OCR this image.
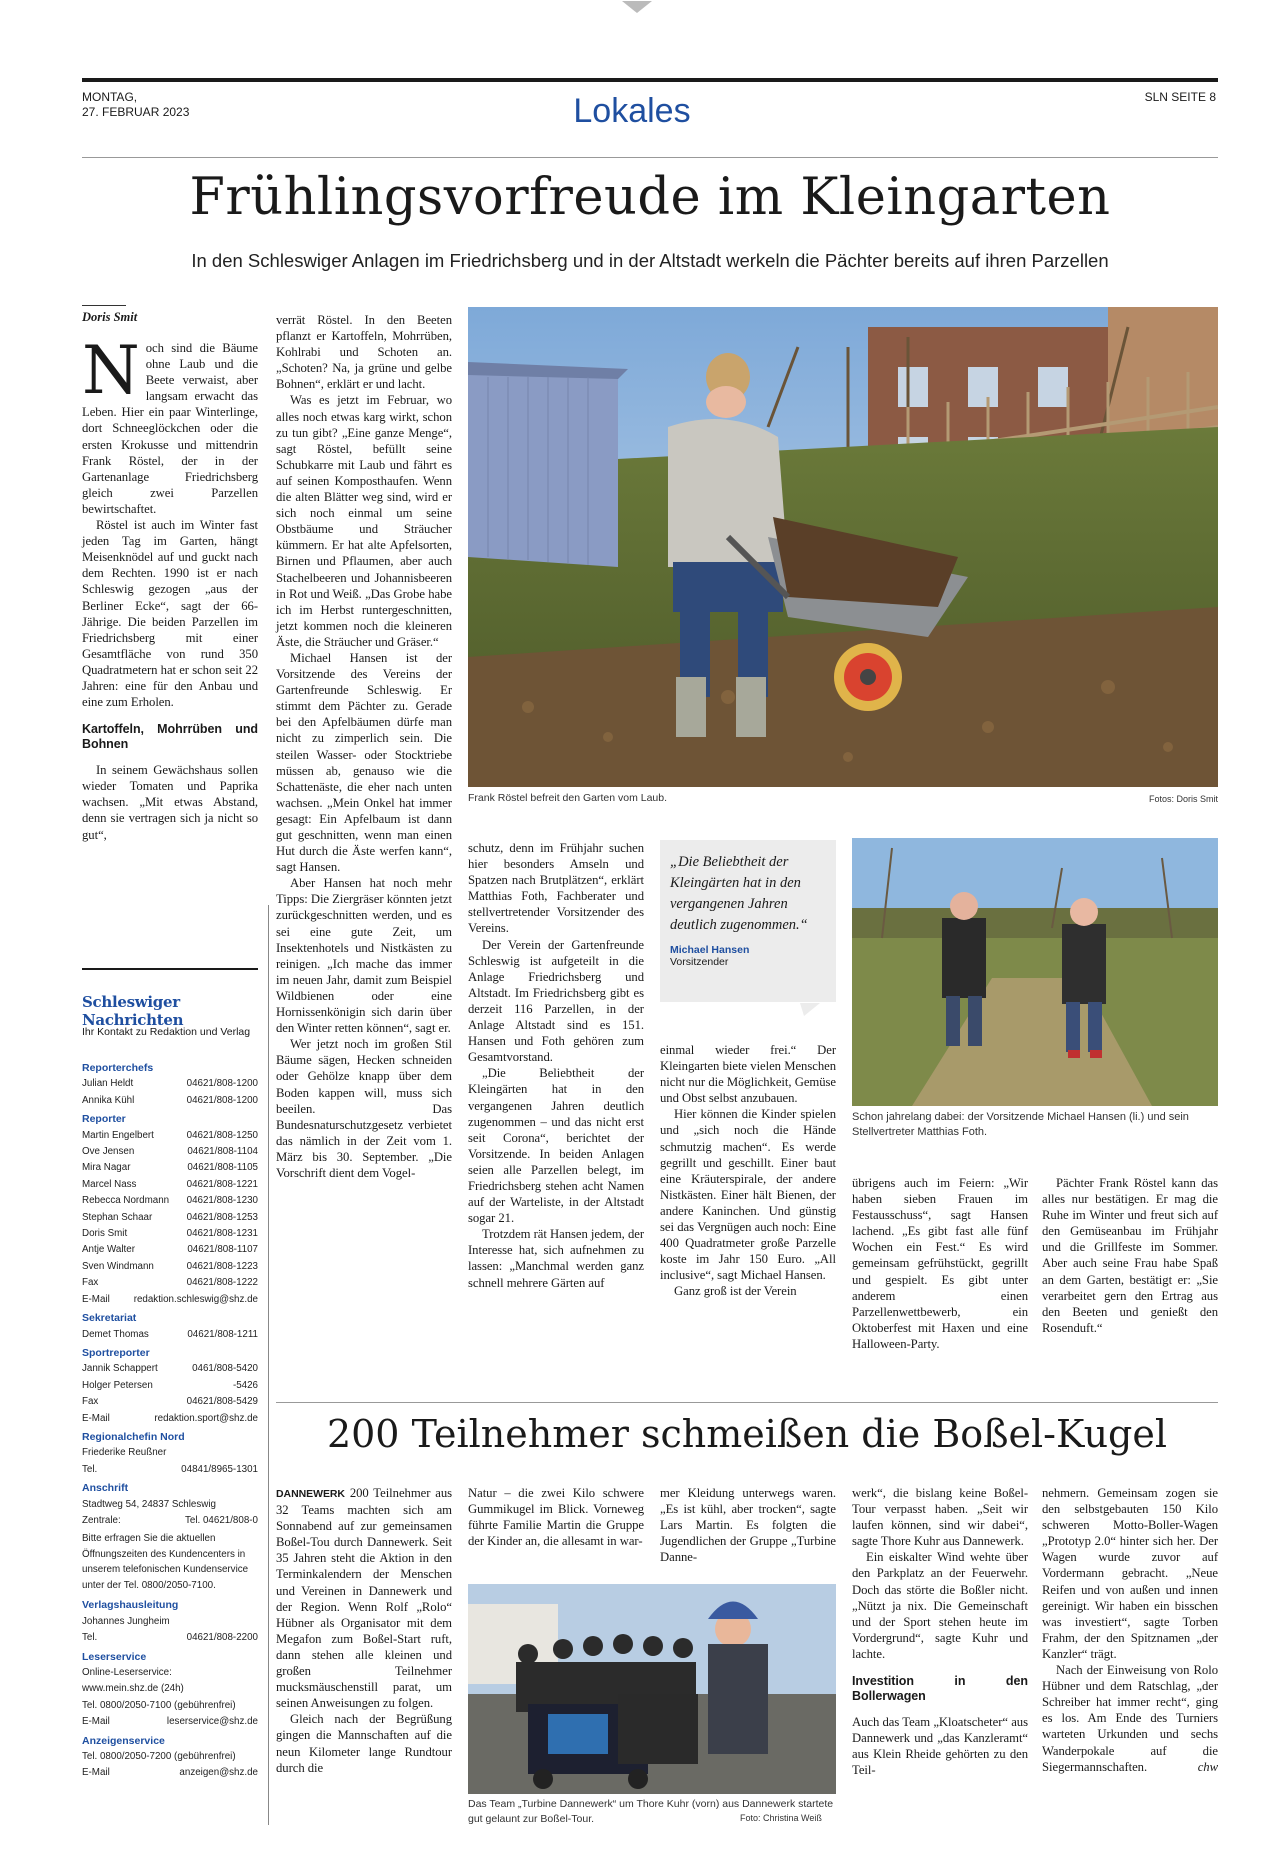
MONTAG,
27. FEBRUAR 2023	Lokales	SLN SEITE 8
Frühlingsvorfreude im Kleingarten
In den Schleswiger Anlagen im Friedrichsberg und in der Altstadt werkeln die Pächter bereits auf ihren Parzellen
Doris Smit

Noch sind die Bäume ohne Laub und die Beete verwaist, aber langsam erwacht das Leben. Hier ein paar Winterlinge, dort Schneeglöckchen oder die ersten Krokusse und mittendrin Frank Röstel, der in der Gartenanlage Friedrichsberg gleich zwei Parzellen bewirtschaftet.

Röstel ist auch im Winter fast jeden Tag im Garten, hängt Meisenknödel auf und guckt nach dem Rechten. 1990 ist er nach Schleswig gezogen „aus der Berliner Ecke“, sagt der 66-Jährige. Die beiden Parzellen im Friedrichsberg mit einer Gesamtfläche von rund 350 Quadratmetern hat er schon seit 22 Jahren: eine für den Anbau und eine zum Erholen.

Kartoffeln, Mohrrüben und Bohnen

In seinem Gewächshaus sollen wieder Tomaten und Paprika wachsen. „Mit etwas Abstand, denn sie vertragen sich ja nicht so gut“,

Schleswiger Nachrichten
Ihr Kontakt zu Redaktion und Verlag
Reporterchefs
Julian Heldt	04621/808-1200
Annika Kühl	04621/808-1200
Reporter
Martin Engelbert	04621/808-1250
Ove Jensen	04621/808-1104
Mira Nagar	04621/808-1105
Marcel Nass	04621/808-1221
Rebecca Nordmann 04621/808-1230
Stephan Schaar	04621/808-1253
Doris Smit	04621/808-1231
Antje Walter	04621/808-1107
Sven Windmann	04621/808-1223
Fax	04621/808-1222
E-Mail redaktion.schleswig@shz.de
Sekretariat
Demet Thomas	04621/808-1211
Sportreporter
Jannik Schappert	0461/808-5420
Holger Petersen	-5426
Fax	04621/808-5429
E-Mail	redaktion.sport@shz.de
Regionalchefin Nord
Friederike Reußner
Tel.	04841/8965-1301
Anschrift
Stadtweg 54, 24837 Schleswig
Zentrale:	Tel. 04621/808-0
Bitte erfragen Sie die aktuellen Öffnungszeiten des Kundencenters in unserem telefonischen Kundenservice unter der Tel. 0800/2050-7100.
Verlagshausleitung
Johannes Jungheim
Tel.	04621/808-2200
Leserservice
Online-Leserservice:
www.mein.shz.de (24h)
Tel. 0800/2050-7100 (gebührenfrei)
E-Mail	leserservice@shz.de
Anzeigenservice
Tel. 0800/2050-7200 (gebührenfrei)
E-Mail	anzeigen@shz.de

verrät Röstel. In den Beeten pflanzt er Kartoffeln, Mohrrüben, Kohlrabi und Schoten an. „Schoten? Na, ja grüne und gelbe Bohnen“, erklärt er und lacht.

Was es jetzt im Februar, wo alles noch etwas karg wirkt, schon zu tun gibt? „Eine ganze Menge“, sagt Röstel, befüllt seine Schubkarre mit Laub und fährt es auf seinen Komposthaufen. Wenn die alten Blätter weg sind, wird er sich noch einmal um seine Obstbäume und Sträucher kümmern. Er hat alte Apfelsorten, Birnen und Pflaumen, aber auch Stachelbeeren und Johannisbeeren in Rot und Weiß. „Das Grobe habe ich im Herbst runtergeschnitten, jetzt kommen noch die kleineren Äste, die Sträucher und Gräser.“

Michael Hansen ist der Vorsitzende des Vereins der Gartenfreunde Schleswig. Er stimmt dem Pächter zu. Gerade bei den Apfelbäumen dürfe man nicht zu zimperlich sein. Die steilen Wasser- oder Stocktriebe müssen ab, genauso wie die Schattenäste, die eher nach unten wachsen. „Mein Onkel hat immer gesagt: Ein Apfelbaum ist dann gut geschnitten, wenn man einen Hut durch die Äste werfen kann“, sagt Hansen.

Aber Hansen hat noch mehr Tipps: Die Ziergräser könnten jetzt zurückgeschnitten werden, und es sei eine gute Zeit, um Insektenhotels und Nistkästen zu reinigen. „Ich mache das immer im neuen Jahr, damit zum Beispiel Wildbienen oder eine Hornissenkönigin sich darin über den Winter retten können“, sagt er.

Wer jetzt noch im großen Stil Bäume sägen, Hecken schneiden oder Gehölze knapp über dem Boden kappen will, muss sich beeilen. Das Bundesnaturschutzgesetz verbietet das nämlich in der Zeit vom 1. März bis 30. September. „Die Vorschrift dient dem Vogel-

Frank Röstel befreit den Garten vom Laub.	Fotos: Doris Smit

schutz, denn im Frühjahr suchen hier besonders Amseln und Spatzen nach Brutplätzen“, erklärt Matthias Foth, Fachberater und stellvertretender Vorsitzender des Vereins.

Der Verein der Gartenfreunde Schleswig ist aufgeteilt in die Anlage Friedrichsberg und Altstadt. Im Friedrichsberg gibt es derzeit 116 Parzellen, in der Anlage Altstadt sind es 151. Hansen und Foth gehören zum Gesamtvorstand.

„Die Beliebtheit der Kleingärten hat in den vergangenen Jahren deutlich zugenommen – und das nicht erst seit Corona“, berichtet der Vorsitzende. In beiden Anlagen seien alle Parzellen belegt, im Friedrichsberg stehen acht Namen auf der Warteliste, in der Altstadt sogar 21.

Trotzdem rät Hansen jedem, der Interesse hat, sich aufnehmen zu lassen: „Manchmal werden ganz schnell mehrere Gärten auf

„Die Beliebtheit der Kleingärten hat in den vergangenen Jahren deutlich zugenommen.“
Michael Hansen
Vorsitzender

einmal wieder frei.“ Der Kleingarten biete vielen Menschen nicht nur die Möglichkeit, Gemüse und Obst selbst anzubauen.

Hier können die Kinder spielen und „sich noch die Hände schmutzig machen“. Es werde gegrillt und geschillt. Einer baut eine Kräuterspirale, der andere Nistkästen. Einer hält Bienen, der andere Kaninchen. Und günstig sei das Vergnügen auch noch: Eine 400 Quadratmeter große Parzelle koste im Jahr 150 Euro. „All inclusive“, sagt Michael Hansen.

Ganz groß ist der Verein

Schon jahrelang dabei: der Vorsitzende Michael Hansen (li.) und sein Stellvertreter Matthias Foth.

übrigens auch im Feiern: „Wir haben sieben Frauen im Festausschuss“, sagt Hansen lachend. „Es gibt fast alle fünf Wochen ein Fest.“ Es wird gemeinsam gefrühstückt, gegrillt und gespielt. Es gibt unter anderem einen Parzellenwettbewerb, ein Oktoberfest mit Haxen und eine Halloween-Party.

Pächter Frank Röstel kann das alles nur bestätigen. Er mag die Ruhe im Winter und freut sich auf den Gemüseanbau im Frühjahr und die Grillfeste im Sommer. Aber auch seine Frau habe Spaß an dem Garten, bestätigt er: „Sie verarbeitet gern den Ertrag aus den Beeten und genießt den Rosenduft.“

200 Teilnehmer schmeißen die Boßel-Kugel

DANNEWERK 200 Teilnehmer aus 32 Teams machten sich am Sonnabend auf zur gemeinsamen Boßel-Tou durch Dannewerk. Seit 35 Jahren steht die Aktion in den Terminkalendern der Menschen und Vereinen in Dannewerk und der Region. Wenn Rolf „Rolo“ Hübner als Organisator mit dem Megafon zum Boßel-Start ruft, dann stehen alle kleinen und großen Teilnehmer mucksmäuschenstill parat, um seinen Anweisungen zu folgen.

Gleich nach der Begrüßung gingen die Mannschaften auf die neun Kilometer lange Rundtour durch die

Natur – die zwei Kilo schwere Gummikugel im Blick. Vorneweg führte Familie Martin die Gruppe der Kinder an, die allesamt in war-

mer Kleidung unterwegs waren. „Es ist kühl, aber trocken“, sagte Lars Martin. Es folgten die Jugendlichen der Gruppe „Turbine Danne-

Das Team „Turbine Dannewerk“ um Thore Kuhr (vorn) aus Dannewerk startete gut gelaunt zur Boßel-Tour.	Foto: Christina Weiß

werk“, die bislang keine Boßel-Tour verpasst haben. „Seit wir laufen können, sind wir dabei“, sagte Thore Kuhr aus Dannewerk.

Ein eiskalter Wind wehte über den Parkplatz an der Feuerwehr. Doch das störte die Boßler nicht. „Nützt ja nix. Die Gemeinschaft und der Sport stehen heute im Vordergrund“, sagte Kuhr und lachte.

Investition in den Bollerwagen

Auch das Team „Kloatscheter“ aus Dannewerk und „das Kanzleramt“ aus Klein Rheide gehörten zu den Teil-

nehmern. Gemeinsam zogen sie den selbstgebauten 150 Kilo schweren Motto-Boller-Wagen „Prototyp 2.0“ hinter sich her. Der Wagen wurde zuvor auf Vordermann gebracht. „Neue Reifen und von außen und innen gereinigt. Wir haben ein bisschen was investiert“, sagte Torben Frahm, der den Spitznamen „der Kanzler“ trägt.

Nach der Einweisung von Rolo Hübner und dem Ratschlag, „der Schreiber hat immer recht“, ging es los. Am Ende des Turniers warteten Urkunden und sechs Wanderpokale auf die Siegermannschaften.	chw
